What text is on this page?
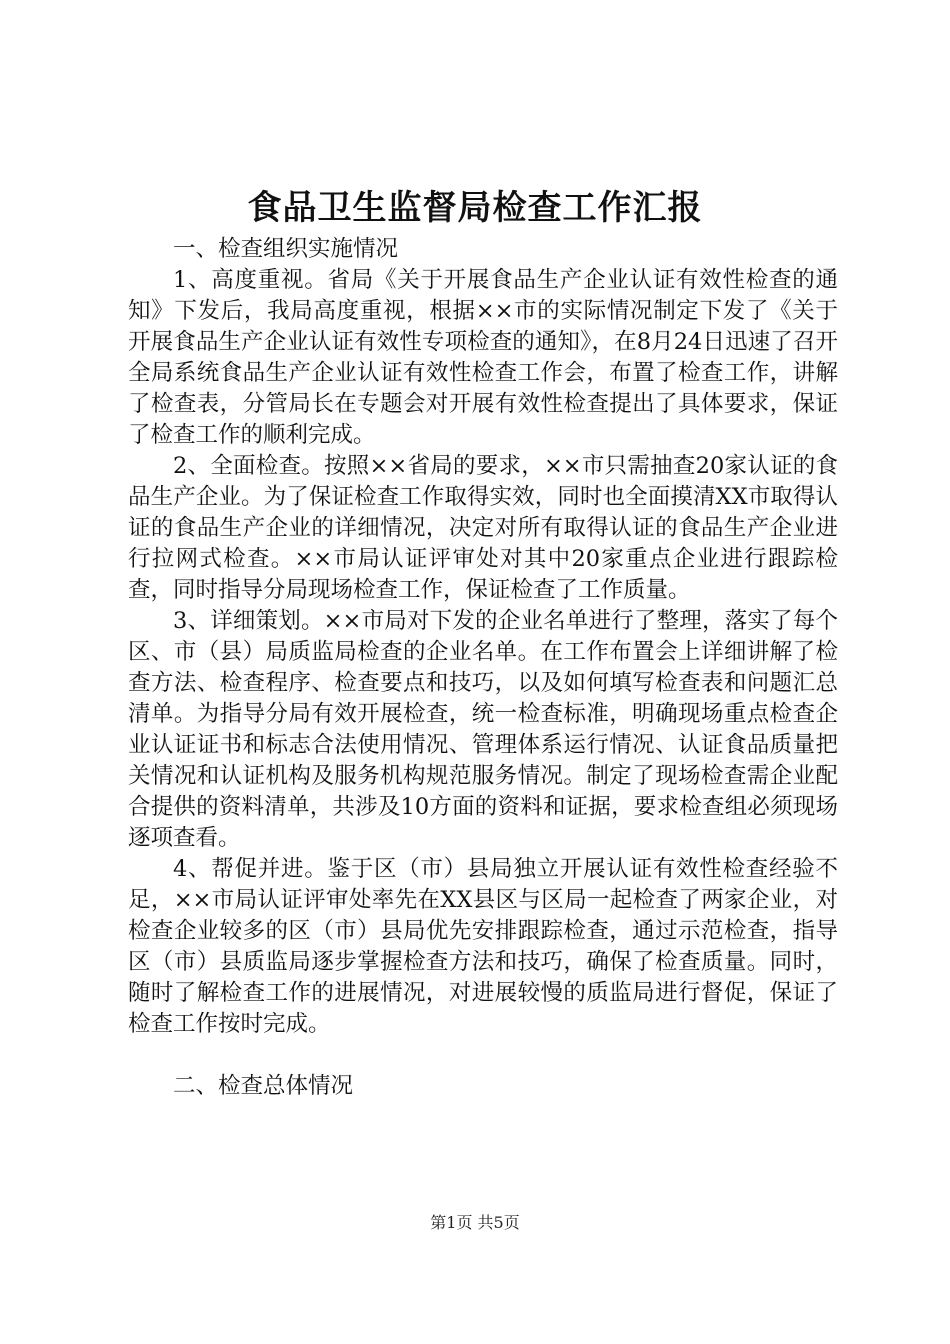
食品卫生监督局检查工作汇报

一、检查组织实施情况

1、高度重视。省局《关于开展食品生产企业认证有效性检查的通知》下发后，我局高度重视，根据××市的实际情况制定下发了《关于开展食品生产企业认证有效性专项检查的通知》，在8月24日迅速了召开全局系统食品生产企业认证有效性检查工作会，布置了检查工作，讲解了检查表，分管局长在专题会对开展有效性检查提出了具体要求，保证了检查工作的顺利完成。

2、全面检查。按照××省局的要求，××市只需抽查20家认证的食品生产企业。为了保证检查工作取得实效，同时也全面摸清XX市取得认证的食品生产企业的详细情况，决定对所有取得认证的食品生产企业进行拉网式检查。××市局认证评审处对其中20家重点企业进行跟踪检查，同时指导分局现场检查工作，保证检查了工作质量。

3、详细策划。××市局对下发的企业名单进行了整理，落实了每个区、市（县）局质监局检查的企业名单。在工作布置会上详细讲解了检查方法、检查程序、检查要点和技巧，以及如何填写检查表和问题汇总清单。为指导分局有效开展检查，统一检查标准，明确现场重点检查企业认证证书和标志合法使用情况、管理体系运行情况、认证食品质量把关情况和认证机构及服务机构规范服务情况。制定了现场检查需企业配合提供的资料清单，共涉及10方面的资料和证据，要求检查组必须现场逐项查看。

4、帮促并进。鉴于区（市）县局独立开展认证有效性检查经验不足，××市局认证评审处率先在XX县区与区局一起检查了两家企业，对检查企业较多的区（市）县局优先安排跟踪检查，通过示范检查，指导区（市）县质监局逐步掌握检查方法和技巧，确保了检查质量。同时，随时了解检查工作的进展情况，对进展较慢的质监局进行督促，保证了检查工作按时完成。

二、检查总体情况

第1页 共5页
